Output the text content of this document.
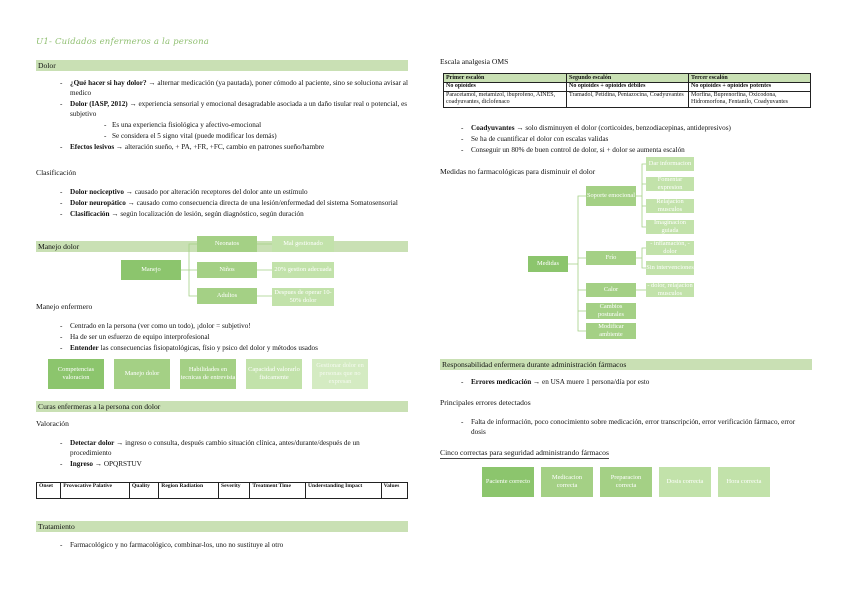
U1- Cuidados enfermeros a la persona
Dolor
- ¿Qué hacer si hay dolor? → alternar medicación (ya pautada), poner cómodo al paciente, sino se soluciona avisar al medico
- Dolor (IASP, 2012) → experiencia sensorial y emocional desagradable asociada a un daño tisular real o potencial, es subjetivo
- Es una experiencia fisiológica y afectivo-emocional
- Se considera el 5 signo vital (puede modificar los demás)
- Efectos lesivos → alteración sueño, + PA, +FR, +FC, cambio en patrones sueño/hambre
Clasificación
- Dolor nociceptivo → causado por alteración receptores del dolor ante un estímulo
- Dolor neuropático → causado como consecuencia directa de una lesión/enfermedad del sistema Somatosensorial
- Clasificación → según localización de lesión, según diagnóstico, según duración
Manejo dolor
Manejo
Neonatos
Niños
Adultos
Mal gestionado
20% gestion adecuada
Despues de operar 10-50% dolor
Manejo enfermero
- Centrado en la persona (ver como un todo), ¡dolor = subjetivo!
- Ha de ser un esfuerzo de equipo interprofesional
- Entender las consecuencias fisiopatológicas, físio y psico del dolor y métodos usados
Competencias valoracion
Manejo dolor
Habilidades en tecnicas de entrevista
Capacidad valorarlo fisicamente
Gestionar dolor en personas que no expresan
Curas enfermeras a la persona con dolor
Valoración
- Detectar dolor → ingreso o consulta, después cambio situación clínica, antes/durante/después de un procedimiento
- Ingreso → OPQRSTUV
Onset	Provocative Palative	Quality	Region Radiation	Severity	Treatment Time	Understanding Impact	Values
Tratamiento
- Farmacológico y no farmacológico, combinar-los, uno no sustituye al otro
Escala analgesia OMS
Primer escalón	Segundo escalón	Tercer escalón
No opioides	No opioides + opioides débiles	No opioides + opioides potentes
Paracetamol, metamizol, ibuprofeno, AINES, coadyuvantes, diclofenaco	Tramadol, Petidina, Pentazocina, Coadyuvantes	Morfina, Buprenorfina, Oxicodona, Hidromorfona, Fentanilo, Coadyuvantes
- Coadyuvantes → solo disminuyen el dolor (corticoides, benzodiacepinas, antidepresivos)
- Se ha de cuantificar el dolor con escalas validas
- Conseguir un 80% de buen control de dolor, si + dolor se aumenta escalón
Medidas no farmacológicas para disminuir el dolor
Medidas
Soporte emocional
Frío
Calor
Cambios posturales
Modificar ambiente
Dar informacion
Fomentar expresion
Relajacion musculos
Imaginacion guiada
- inflamación, - dolor
Sin intervenciones
- dolor, relajacion musculos
Responsabilidad enfermera durante administración fármacos
- Errores medicación → en USA muere 1 persona/día por esto
Principales errores detectados
- Falta de información, poco conocimiento sobre medicación, error transcripción, error verificación fármaco, error dosis
Cinco correctas para seguridad administrando fármacos
Paciente correcto
Medicacion correcta
Preparacion correcta
Dosis correcta	Hora correcta
